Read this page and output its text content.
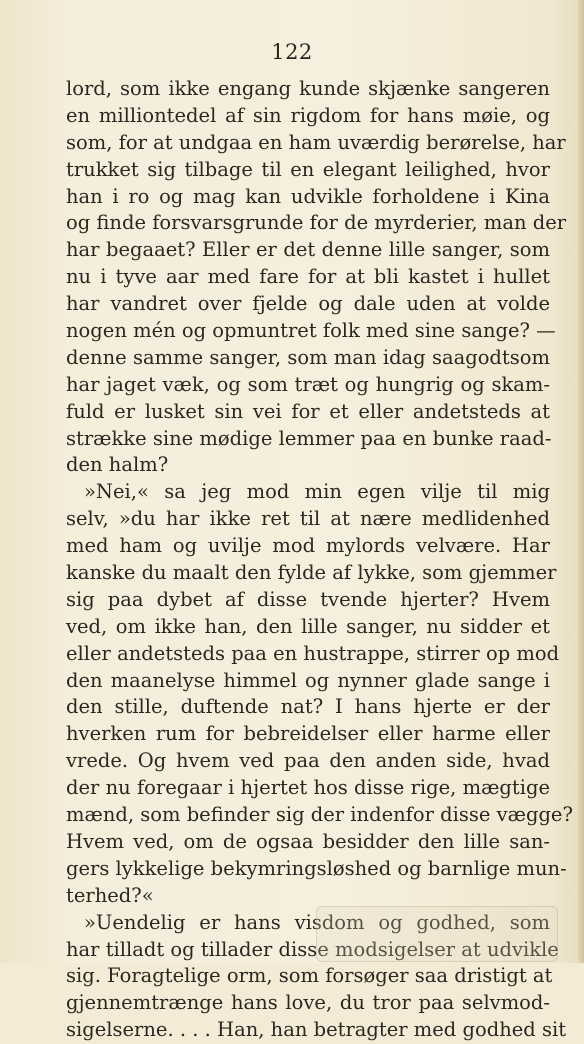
122
lord, som ikke engang kunde skjænke sangeren
en milliontedel af sin rigdom for hans møie, og
som, for at undgaa en ham uværdig berørelse, har
trukket sig tilbage til en elegant leilighed, hvor
han i ro og mag kan udvikle forholdene i Kina
og finde forsvarsgrunde for de myrderier, man der
har begaaet? Eller er det denne lille sanger, som
nu i tyve aar med fare for at bli kastet i hullet
har vandret over fjelde og dale uden at volde
nogen mén og opmuntret folk med sine sange? —
denne samme sanger, som man idag saagodtsom
har jaget væk, og som træt og hungrig og skam-
fuld er lusket sin vei for et eller andetsteds at
strække sine mødige lemmer paa en bunke raad-
den halm?
»Nei,« sa jeg mod min egen vilje til mig
selv, »du har ikke ret til at nære medlidenhed
med ham og uvilje mod mylords velvære. Har
kanske du maalt den fylde af lykke, som gjemmer
sig paa dybet af disse tvende hjerter? Hvem
ved, om ikke han, den lille sanger, nu sidder et
eller andetsteds paa en hustrappe, stirrer op mod
den maanelyse himmel og nynner glade sange i
den stille, duftende nat? I hans hjerte er der
hverken rum for bebreidelser eller harme eller
vrede. Og hvem ved paa den anden side, hvad
der nu foregaar i hjertet hos disse rige, mægtige
mænd, som befinder sig der indenfor disse vægge?
Hvem ved, om de ogsaa besidder den lille san-
gers lykkelige bekymringsløshed og barnlige mun-
terhed?«
»Uendelig er hans visdom og godhed, som
har tilladt og tillader disse modsigelser at udvikle
sig. Foragtelige orm, som forsøger saa dristigt at
gjennemtrænge hans love, du tror paa selvmod-
sigelserne. . . . Han, han betragter med godhed sit
